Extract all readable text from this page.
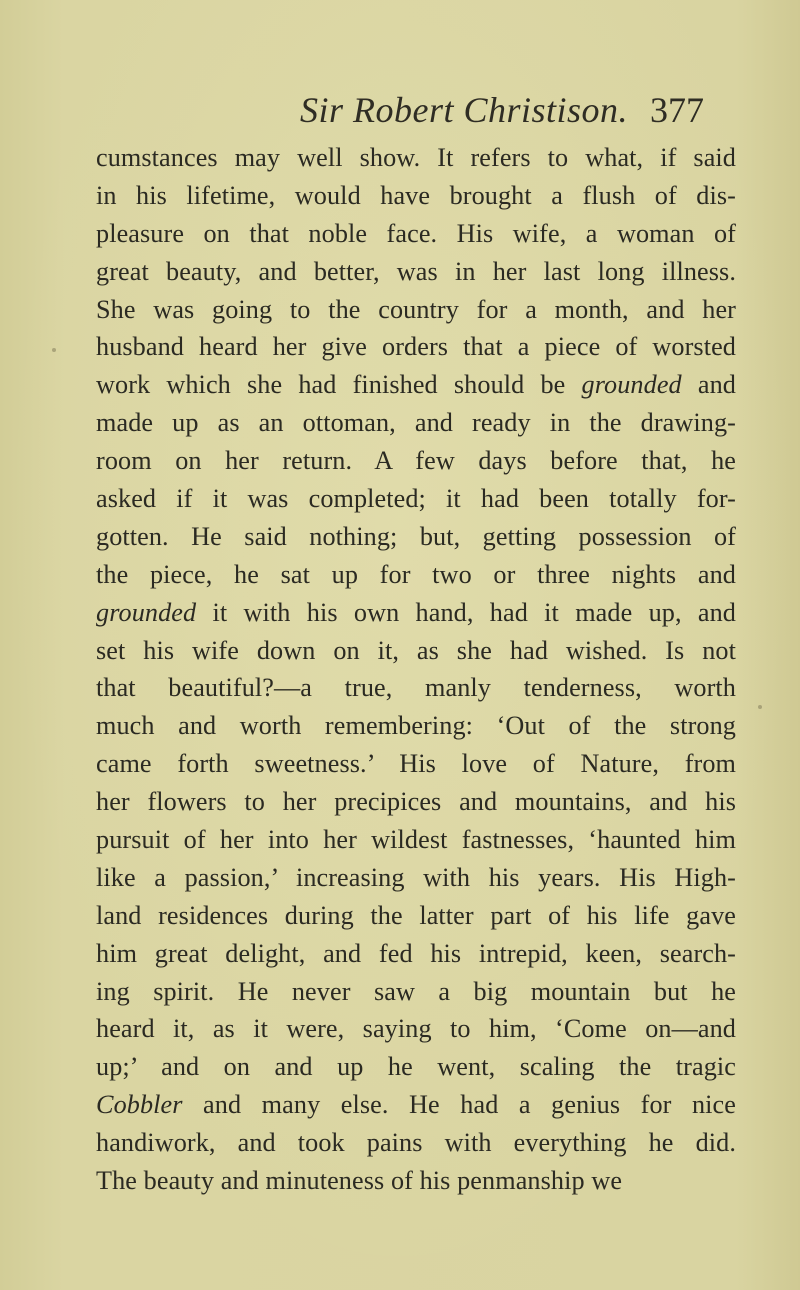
Sir Robert Christison. 377
cumstances may well show. It refers to what, if said
in his lifetime, would have brought a flush of dis-
pleasure on that noble face. His wife, a woman of
great beauty, and better, was in her last long illness.
She was going to the country for a month, and her
husband heard her give orders that a piece of worsted
work which she had finished should be grounded and
made up as an ottoman, and ready in the drawing-
room on her return. A few days before that, he
asked if it was completed; it had been totally for-
gotten. He said nothing; but, getting possession of
the piece, he sat up for two or three nights and
grounded it with his own hand, had it made up, and
set his wife down on it, as she had wished. Is not
that beautiful?—a true, manly tenderness, worth
much and worth remembering: ‘Out of the strong
came forth sweetness.’ His love of Nature, from
her flowers to her precipices and mountains, and his
pursuit of her into her wildest fastnesses, ‘haunted him
like a passion,’ increasing with his years. His High-
land residences during the latter part of his life gave
him great delight, and fed his intrepid, keen, search-
ing spirit. He never saw a big mountain but he
heard it, as it were, saying to him, ‘Come on—and
up;’ and on and up he went, scaling the tragic
Cobbler and many else. He had a genius for nice
handiwork, and took pains with everything he did.
The beauty and minuteness of his penmanship we
